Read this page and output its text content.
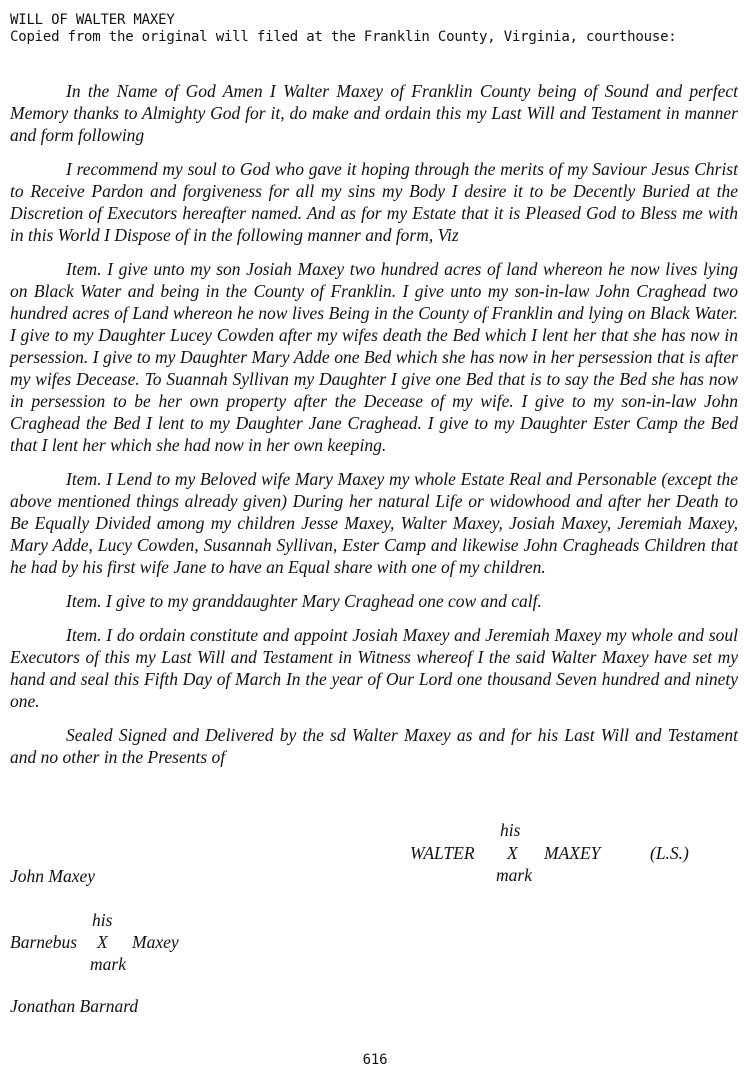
WILL OF WALTER MAXEY
Copied from the original will filed at the Franklin County, Virginia, courthouse:

In the Name of God Amen I Walter Maxey of Franklin County being of Sound and perfect Memory thanks to Almighty God for it, do make and ordain this my Last Will and Testament in manner and form following

I recommend my soul to God who gave it hoping through the merits of my Saviour Jesus Christ to Receive Pardon and forgiveness for all my sins my Body I desire it to be Decently Buried at the Discretion of Executors hereafter named. And as for my Estate that it is Pleased God to Bless me with in this World I Dispose of in the following manner and form, Viz

Item. I give unto my son Josiah Maxey two hundred acres of land whereon he now lives lying on Black Water and being in the County of Franklin. I give unto my son-in-law John Craghead two hundred acres of Land whereon he now lives Being in the County of Franklin and lying on Black Water. I give to my Daughter Lucey Cowden after my wifes death the Bed which I lent her that she has now in persession. I give to my Daughter Mary Adde one Bed which she has now in her persession that is after my wifes Decease. To Suannah Syllivan my Daughter I give one Bed that is to say the Bed she has now in persession to be her own property after the Decease of my wife. I give to my son-in-law John Craghead the Bed I lent to my Daughter Jane Craghead. I give to my Daughter Ester Camp the Bed that I lent her which she had now in her own keeping.

Item. I Lend to my Beloved wife Mary Maxey my whole Estate Real and Personable (except the above mentioned things already given) During her natural Life or widowhood and after her Death to Be Equally Divided among my children Jesse Maxey, Walter Maxey, Josiah Maxey, Jeremiah Maxey, Mary Adde, Lucy Cowden, Susannah Syllivan, Ester Camp and likewise John Cragheads Children that he had by his first wife Jane to have an Equal share with one of my children.

Item. I give to my granddaughter Mary Craghead one cow and calf.

Item. I do ordain constitute and appoint Josiah Maxey and Jeremiah Maxey my whole and soul Executors of this my Last Will and Testament in Witness whereof I the said Walter Maxey have set my hand and seal this Fifth Day of March In the year of Our Lord one thousand Seven hundred and ninety one.

Sealed Signed and Delivered by the sd Walter Maxey as and for his Last Will and Testament and no other in the Presents of

his
WALTER X MAXEY	(L.S.)
mark
John Maxey
his
Barnebus X Maxey
mark
Jonathan Barnard
616
